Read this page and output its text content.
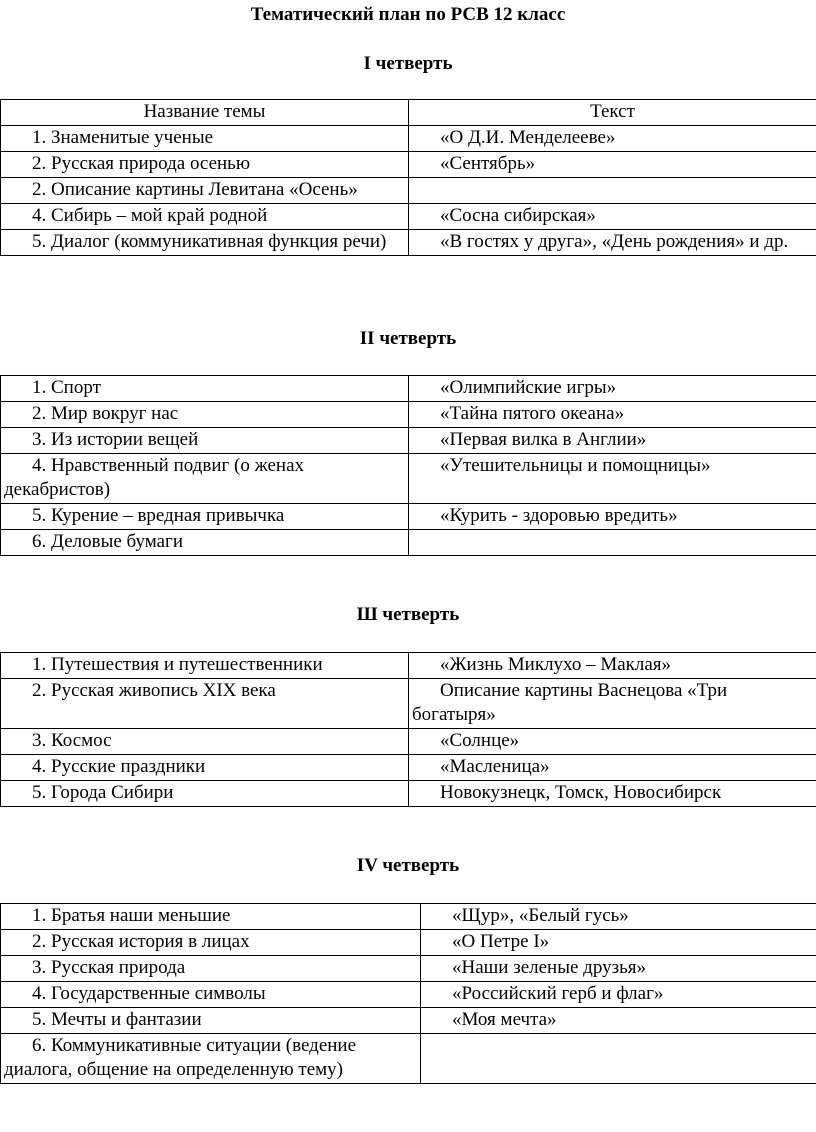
Тематический план по РСВ 12 класс
I четверть
Название темы	Текст
1. Знаменитые ученые	«О Д.И. Менделееве»
2. Русская природа осенью	«Сентябрь»
2. Описание картины Левитана «Осень»	
4. Сибирь – мой край родной	«Сосна сибирская»
5. Диалог (коммуникативная функция речи)	«В гостях у друга», «День рождения» и др.
II четверть
1. Спорт	«Олимпийские игры»
2. Мир вокруг нас	«Тайна пятого океана»
3. Из истории вещей	«Первая вилка в Англии»
4. Нравственный подвиг (о женах декабристов)	«Утешительницы и помощницы»
5. Курение – вредная привычка	«Курить - здоровью вредить»
6. Деловые бумаги	
Ш четверть
1. Путешествия и путешественники	«Жизнь Миклухо – Маклая»
2. Русская живопись XIX века	Описание картины Васнецова «Три богатыря»
3. Космос	«Солнце»
4. Русские праздники	«Масленица»
5. Города Сибири	Новокузнецк, Томск, Новосибирск
IV четверть
1. Братья наши меньшие	«Щур», «Белый гусь»
2. Русская история в лицах	«О Петре I»
3. Русская природа	«Наши зеленые друзья»
4. Государственные символы	«Российский герб и флаг»
5. Мечты и фантазии	«Моя мечта»
6. Коммуникативные ситуации (ведение диалога, общение на определенную тему)	
